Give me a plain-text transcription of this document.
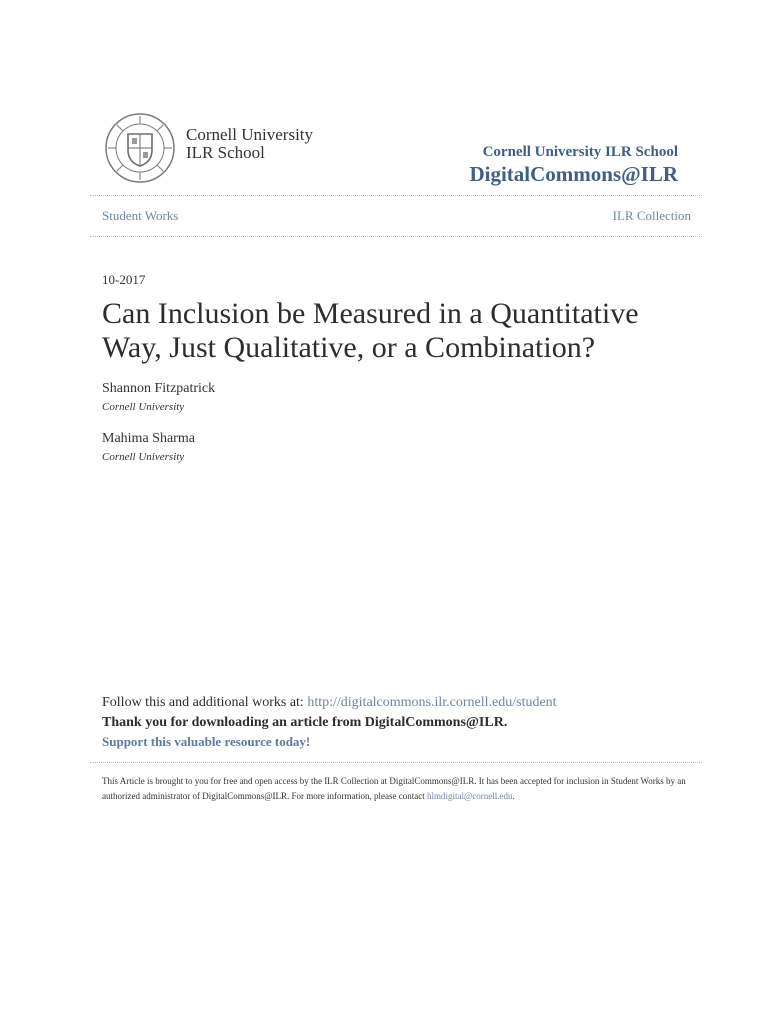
Cornell University
ILR School	Cornell University ILR School
DigitalCommons@ILR
Student Works	ILR Collection
10-2017
Can Inclusion be Measured in a Quantitative Way, Just Qualitative, or a Combination?
Shannon Fitzpatrick
Cornell University
Mahima Sharma
Cornell University
Follow this and additional works at: http://digitalcommons.ilr.cornell.edu/student
Thank you for downloading an article from DigitalCommons@ILR.
Support this valuable resource today!
This Article is brought to you for free and open access by the ILR Collection at DigitalCommons@ILR. It has been accepted for inclusion in Student Works by an authorized administrator of DigitalCommons@ILR. For more information, please contact hlmdigital@cornell.edu.
